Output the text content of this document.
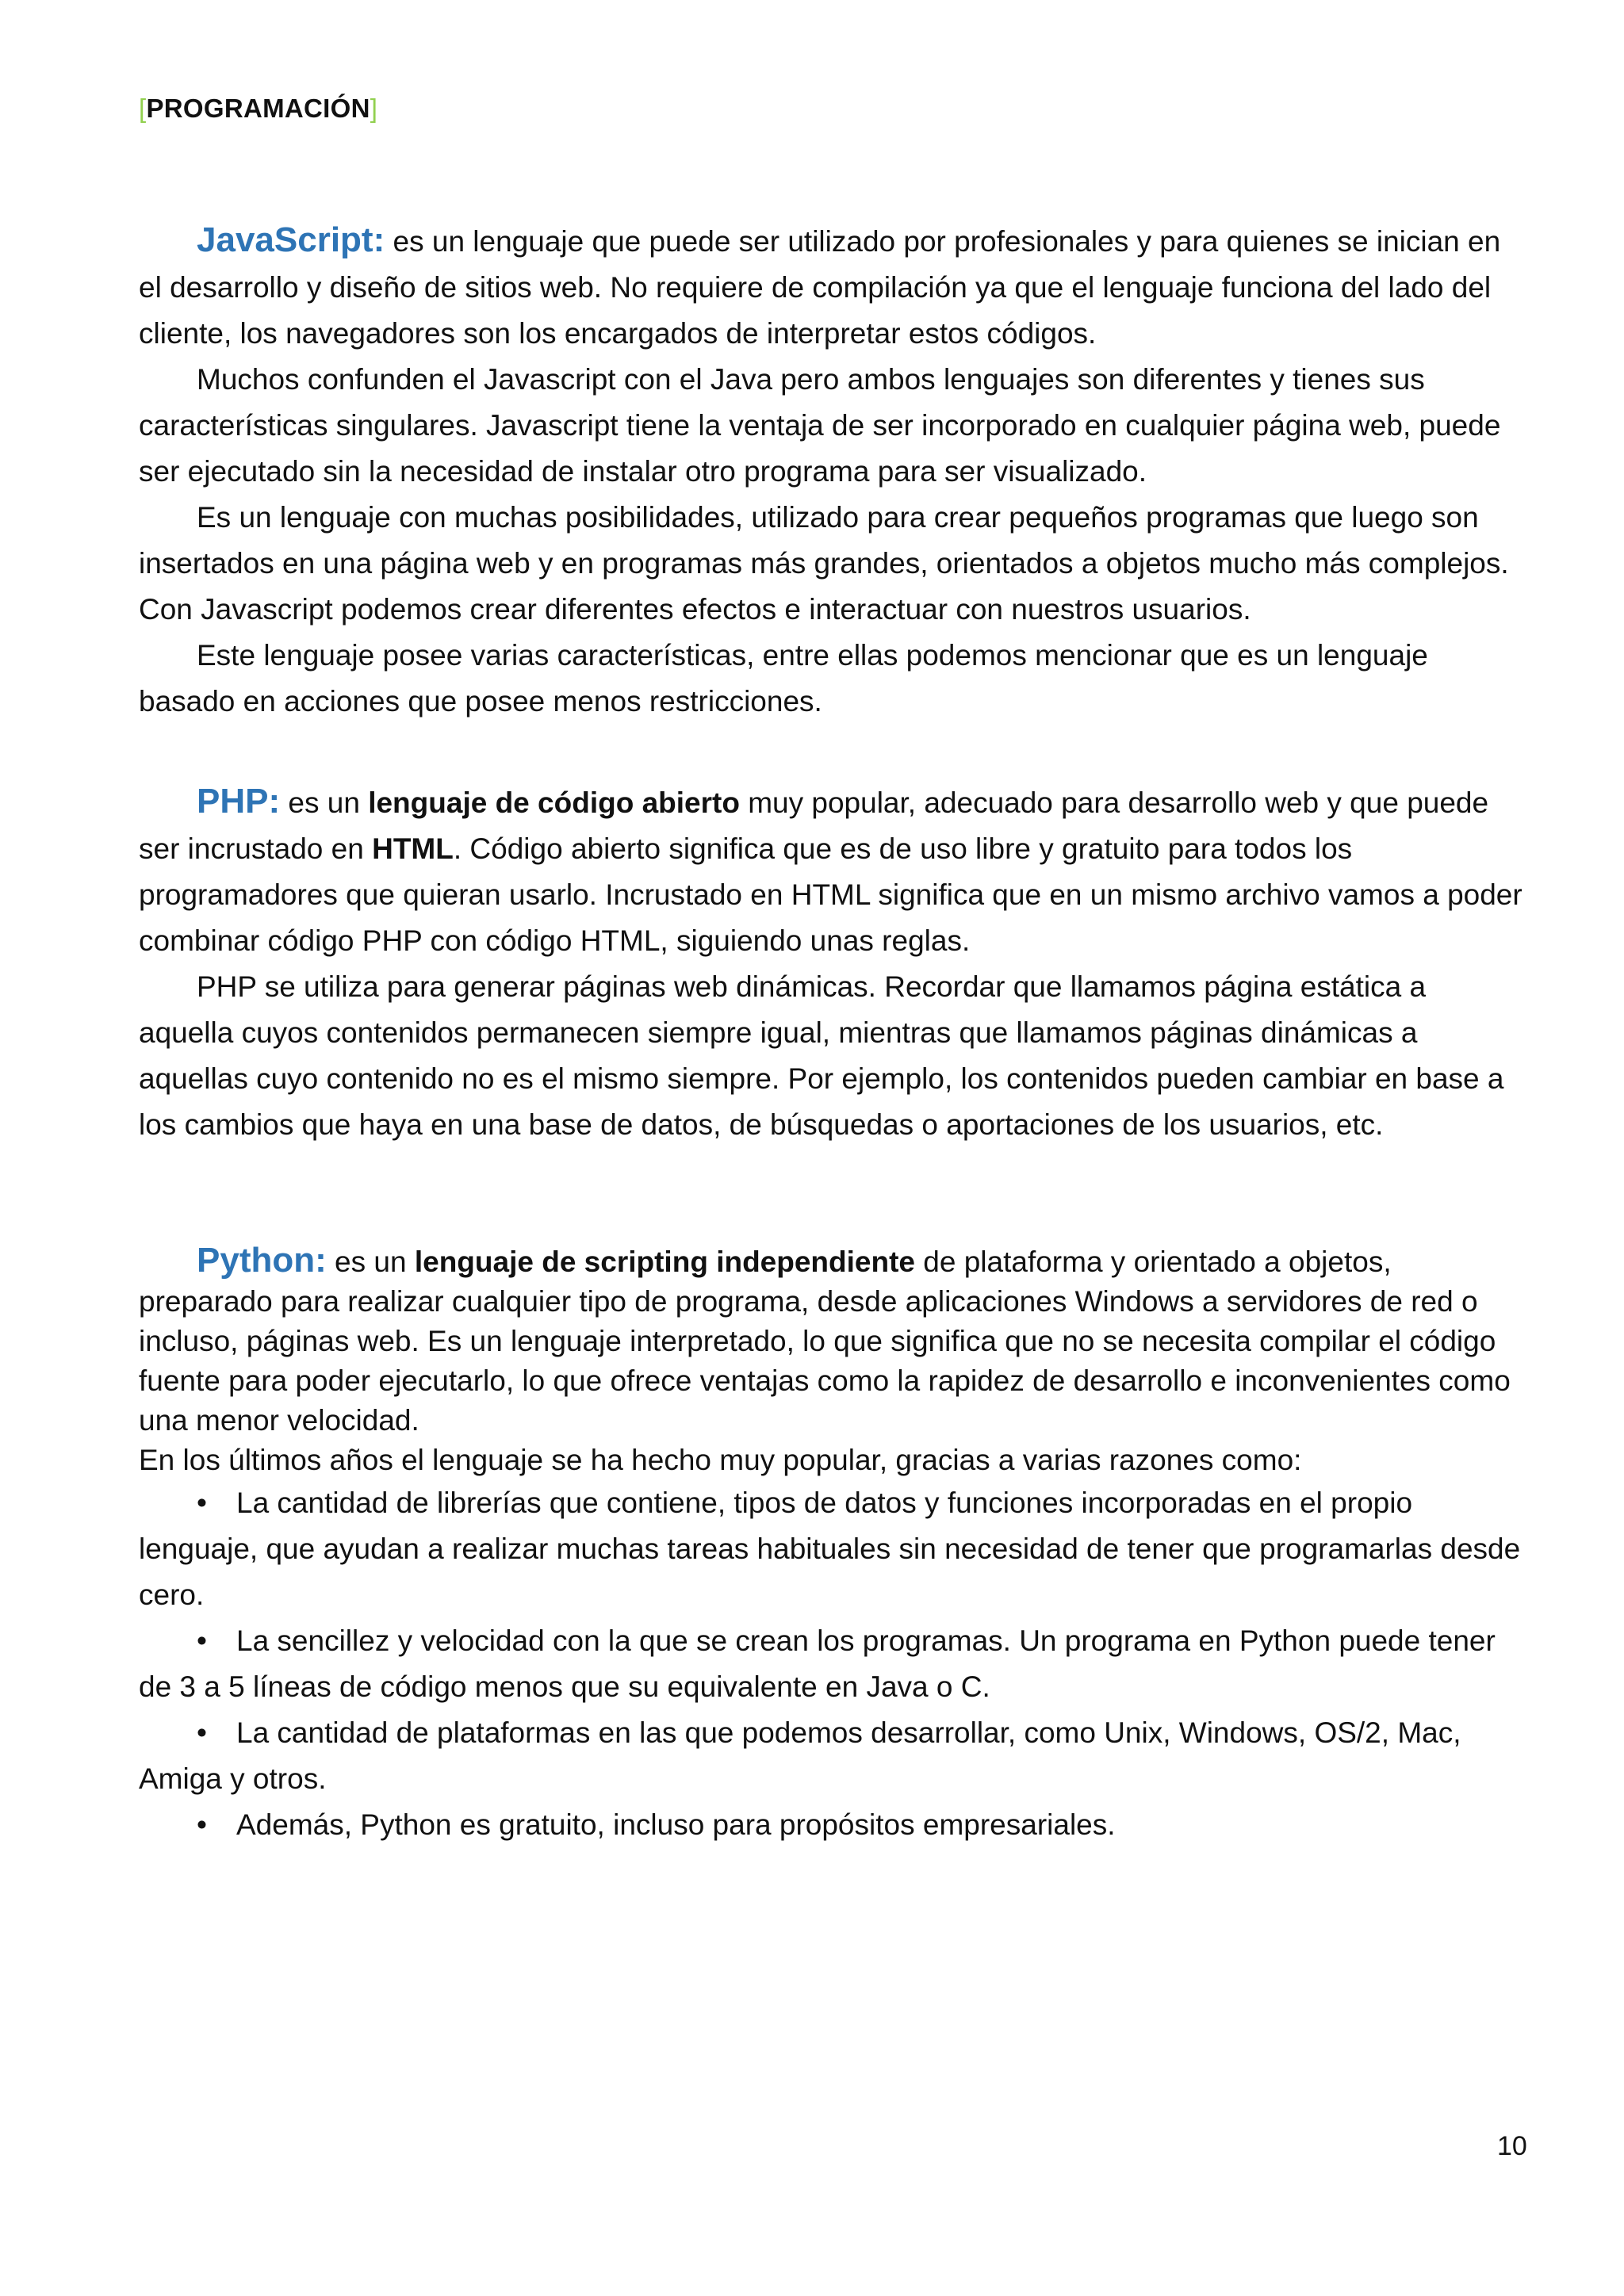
[PROGRAMACIÓN]

JavaScript: es un lenguaje que puede ser utilizado por profesionales y para quienes se inician en el desarrollo y diseño de sitios web. No requiere de compilación ya que el lenguaje funciona del lado del cliente, los navegadores son los encargados de interpretar estos códigos.

Muchos confunden el Javascript con el Java pero ambos lenguajes son diferentes y tienes sus características singulares. Javascript tiene la ventaja de ser incorporado en cualquier página web, puede ser ejecutado sin la necesidad de instalar otro programa para ser visualizado.

Es un lenguaje con muchas posibilidades, utilizado para crear pequeños programas que luego son insertados en una página web y en programas más grandes, orientados a objetos mucho más complejos. Con Javascript podemos crear diferentes efectos e interactuar con nuestros usuarios.

Este lenguaje posee varias características, entre ellas podemos mencionar que es un lenguaje basado en acciones que posee menos restricciones.

PHP: es un lenguaje de código abierto muy popular, adecuado para desarrollo web y que puede ser incrustado en HTML. Código abierto significa que es de uso libre y gratuito para todos los programadores que quieran usarlo. Incrustado en HTML significa que en un mismo archivo vamos a poder combinar código PHP con código HTML, siguiendo unas reglas.

PHP se utiliza para generar páginas web dinámicas. Recordar que llamamos página estática a aquella cuyos contenidos permanecen siempre igual, mientras que llamamos páginas dinámicas a aquellas cuyo contenido no es el mismo siempre. Por ejemplo, los contenidos pueden cambiar en base a los cambios que haya en una base de datos, de búsquedas o aportaciones de los usuarios, etc.

Python: es un lenguaje de scripting independiente de plataforma y orientado a objetos, preparado para realizar cualquier tipo de programa, desde aplicaciones Windows a servidores de red o incluso, páginas web. Es un lenguaje interpretado, lo que significa que no se necesita compilar el código fuente para poder ejecutarlo, lo que ofrece ventajas como la rapidez de desarrollo e inconvenientes como una menor velocidad.

En los últimos años el lenguaje se ha hecho muy popular, gracias a varias razones como:

• La cantidad de librerías que contiene, tipos de datos y funciones incorporadas en el propio lenguaje, que ayudan a realizar muchas tareas habituales sin necesidad de tener que programarlas desde cero.
• La sencillez y velocidad con la que se crean los programas. Un programa en Python puede tener de 3 a 5 líneas de código menos que su equivalente en Java o C.
• La cantidad de plataformas en las que podemos desarrollar, como Unix, Windows, OS/2, Mac, Amiga y otros.
• Además, Python es gratuito, incluso para propósitos empresariales.
10
